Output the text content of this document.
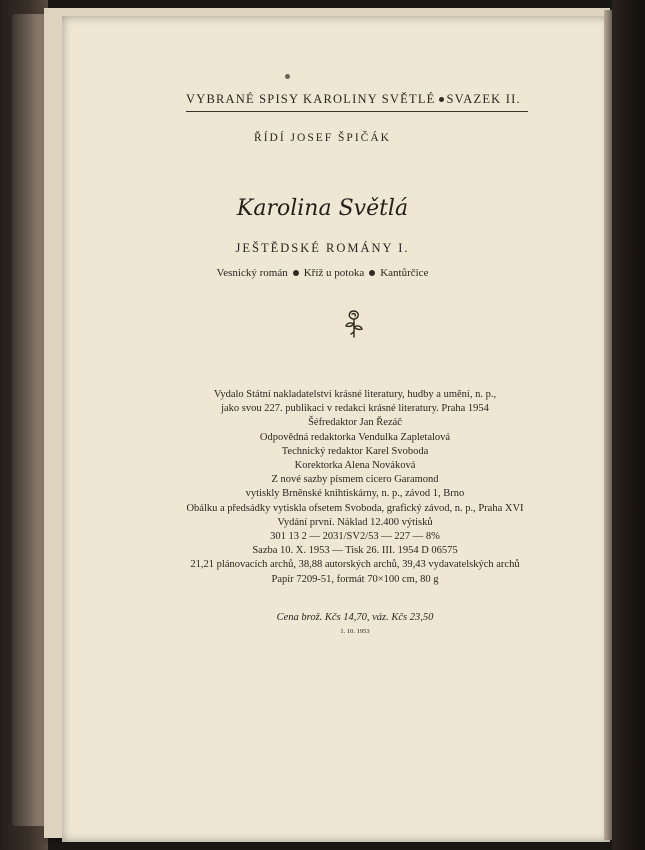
VYBRANÉ SPISY KAROLINY SVĚTLÉ SVAZEK II.
ŘÍDÍ JOSEF ŠPIČÁK
Karolina Světlá
JEŠTĚDSKÉ ROMÁNY I.
Vesnický román Kříž u potoka Kantůrčice
Vydalo Státní nakladatelství krásné literatury, hudby a umění, n. p.,
jako svou 227. publikaci v redakci krásné literatury. Praha 1954
Šéfredaktor Jan Řezáč
Odpovědná redaktorka Vendulka Zapletalová
Technický redaktor Karel Svoboda
Korektorka Alena Nováková
Z nové sazby písmem cicero Garamond
vytiskly Brněnské knihtiskárny, n. p., závod 1, Brno
Obálku a předsádky vytiskla ofsetem Svoboda, grafický závod, n. p., Praha XVI
Vydání první. Náklad 12.400 výtisků
301 13 2 — 2031/SV2/53 — 227 — 8%
Sazba 10. X. 1953 — Tisk 26. III. 1954 D 06575
21,21 plánovacích archů, 38,88 autorských archů, 39,43 vydavatelských archů
Papír 7209-51, formát 70×100 cm, 80 g
Cena brož. Kčs 14,70, váz. Kčs 23,50
1. 10. 1953
